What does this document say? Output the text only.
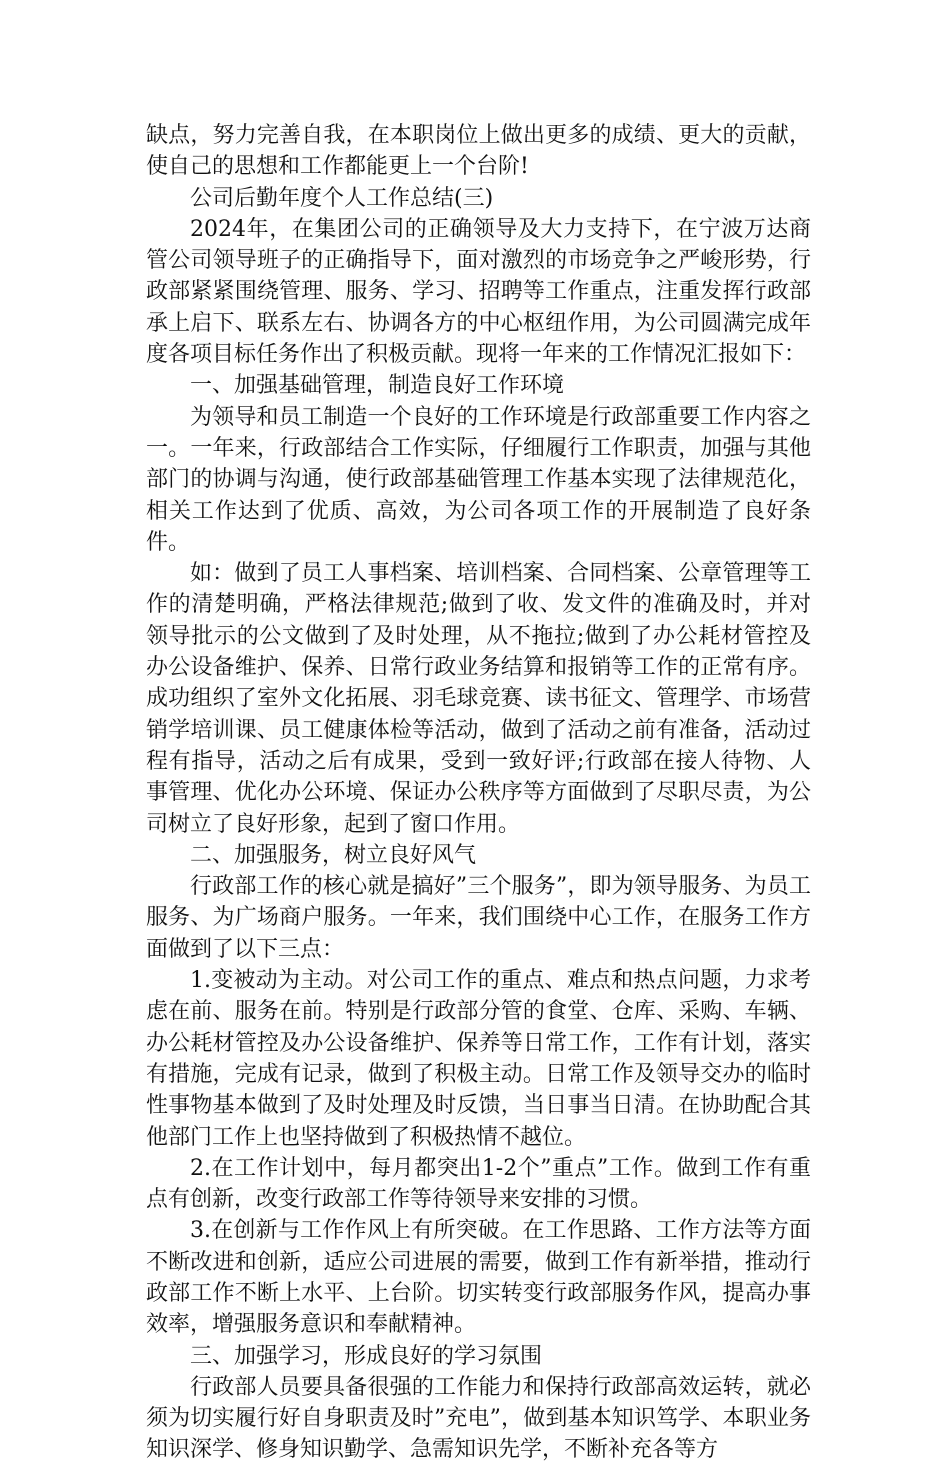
缺点，努力完善自我，在本职岗位上做出更多的成绩、更大的贡献，使自己的思想和工作都能更上一个台阶!

公司后勤年度个人工作总结(三)

2024年，在集团公司的正确领导及大力支持下，在宁波万达商管公司领导班子的正确指导下，面对激烈的市场竞争之严峻形势，行政部紧紧围绕管理、服务、学习、招聘等工作重点，注重发挥行政部承上启下、联系左右、协调各方的中心枢纽作用，为公司圆满完成年度各项目标任务作出了积极贡献。现将一年来的工作情况汇报如下：

一、加强基础管理，制造良好工作环境

为领导和员工制造一个良好的工作环境是行政部重要工作内容之一。一年来，行政部结合工作实际，仔细履行工作职责，加强与其他部门的协调与沟通，使行政部基础管理工作基本实现了法律规范化，相关工作达到了优质、高效，为公司各项工作的开展制造了良好条件。

如：做到了员工人事档案、培训档案、合同档案、公章管理等工作的清楚明确，严格法律规范;做到了收、发文件的准确及时，并对领导批示的公文做到了及时处理，从不拖拉;做到了办公耗材管控及办公设备维护、保养、日常行政业务结算和报销等工作的正常有序。成功组织了室外文化拓展、羽毛球竞赛、读书征文、管理学、市场营销学培训课、员工健康体检等活动，做到了活动之前有准备，活动过程有指导，活动之后有成果，受到一致好评;行政部在接人待物、人事管理、优化办公环境、保证办公秩序等方面做到了尽职尽责，为公司树立了良好形象，起到了窗口作用。

二、加强服务，树立良好风气

行政部工作的核心就是搞好”三个服务”，即为领导服务、为员工服务、为广场商户服务。一年来，我们围绕中心工作，在服务工作方面做到了以下三点：

1.变被动为主动。对公司工作的重点、难点和热点问题，力求考虑在前、服务在前。特别是行政部分管的食堂、仓库、采购、车辆、办公耗材管控及办公设备维护、保养等日常工作，工作有计划，落实有措施，完成有记录，做到了积极主动。日常工作及领导交办的临时性事物基本做到了及时处理及时反馈，当日事当日清。在协助配合其他部门工作上也坚持做到了积极热情不越位。

2.在工作计划中，每月都突出1-2个”重点”工作。做到工作有重点有创新，改变行政部工作等待领导来安排的习惯。

3.在创新与工作作风上有所突破。在工作思路、工作方法等方面不断改进和创新，适应公司进展的需要，做到工作有新举措，推动行政部工作不断上水平、上台阶。切实转变行政部服务作风，提高办事效率，增强服务意识和奉献精神。

三、加强学习，形成良好的学习氛围

行政部人员要具备很强的工作能力和保持行政部高效运转，就必须为切实履行好自身职责及时”充电”，做到基本知识笃学、本职业务知识深学、修身知识勤学、急需知识先学，不断补充各等方
